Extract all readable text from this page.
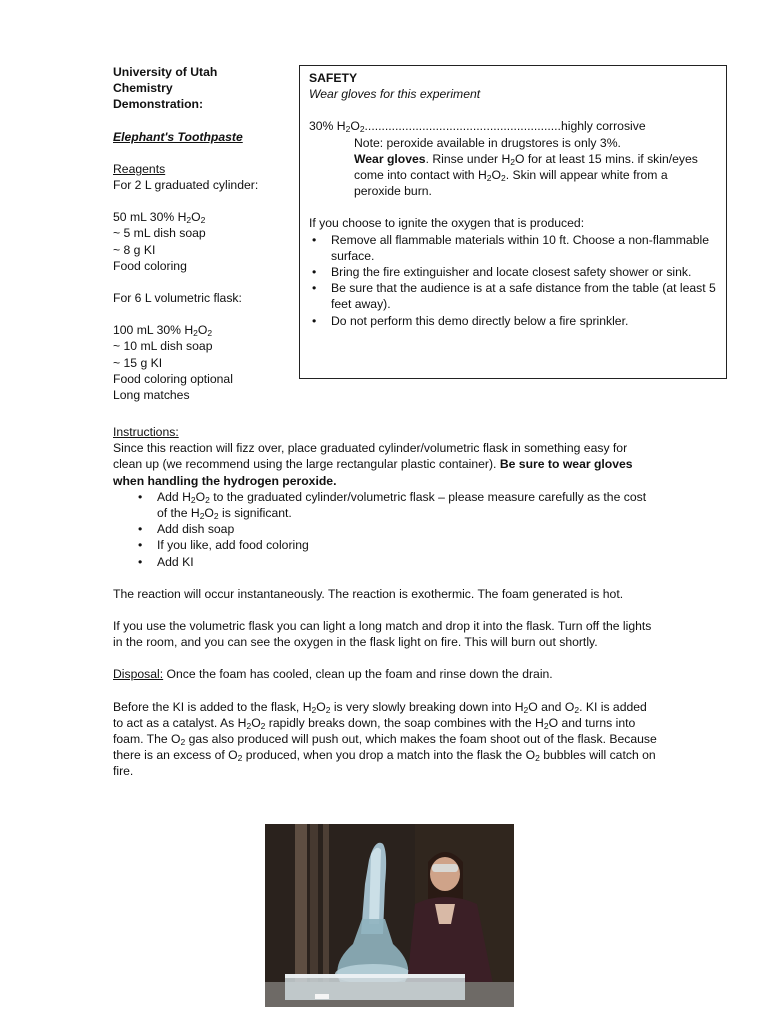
University of Utah

Chemistry

Demonstration:

Elephant's Toothpaste

Reagents

For 2 L graduated cylinder:

50 mL 30% $H_2O_2$

~ 5 mL dish soap

~ 8 g KI

Food coloring

For 6 L volumetric flask:

100 mL 30% $H_2O_2$

~ 10 mL dish soap

~ 15 g KI

Food coloring optional

Long matches

SAFETY

Wear gloves for this experiment

30% $H_2O_2..........................................................highly$ corrosive

Note: peroxide available in drugstores is only 3%.

Wear gloves. Rinse under $H_2O$ for at least 15 mins. if skin/eyes come into contact with $H_2O_2$. Skin will appear white from a peroxide burn.

If you choose to ignite the oxygen that is produced:

• Remove all flammable materials within 10 ft. Choose a non-flammable surface.
• Bring the fire extinguisher and locate closest safety shower or sink.
• Be sure that the audience is at a safe distance from the table (at least 5 feet away).
• Do not perform this demo directly below a fire sprinkler.

Instructions:

Since this reaction will fizz over, place graduated cylinder/volumetric flask in something easy for clean up (we recommend using the large rectangular plastic container). Be sure to wear gloves when handling the hydrogen peroxide.

• Add $H_2O_2$ to the graduated cylinder/volumetric flask – please measure carefully as the cost of the $H_2O_2$ is significant.
• Add dish soap
• If you like, add food coloring
• Add KI

The reaction will occur instantaneously. The reaction is exothermic. The foam generated is hot.

If you use the volumetric flask you can light a long match and drop it into the flask. Turn off the lights in the room, and you can see the oxygen in the flask light on fire. This will burn out shortly.

Disposal: Once the foam has cooled, clean up the foam and rinse down the drain.

Before the KI is added to the flask, $H_2O_2$ is very slowly breaking down into $H_2O$ and $O_2$. KI is added to act as a catalyst. As $H_2O_2$ rapidly breaks down, the soap combines with the $H_2O$ and turns into foam. The $O_2$ gas also produced will push out, which makes the foam shoot out of the flask. Because there is an excess of $O_2$ produced, when you drop a match into the flask the $O_2$ bubbles will catch on fire.
